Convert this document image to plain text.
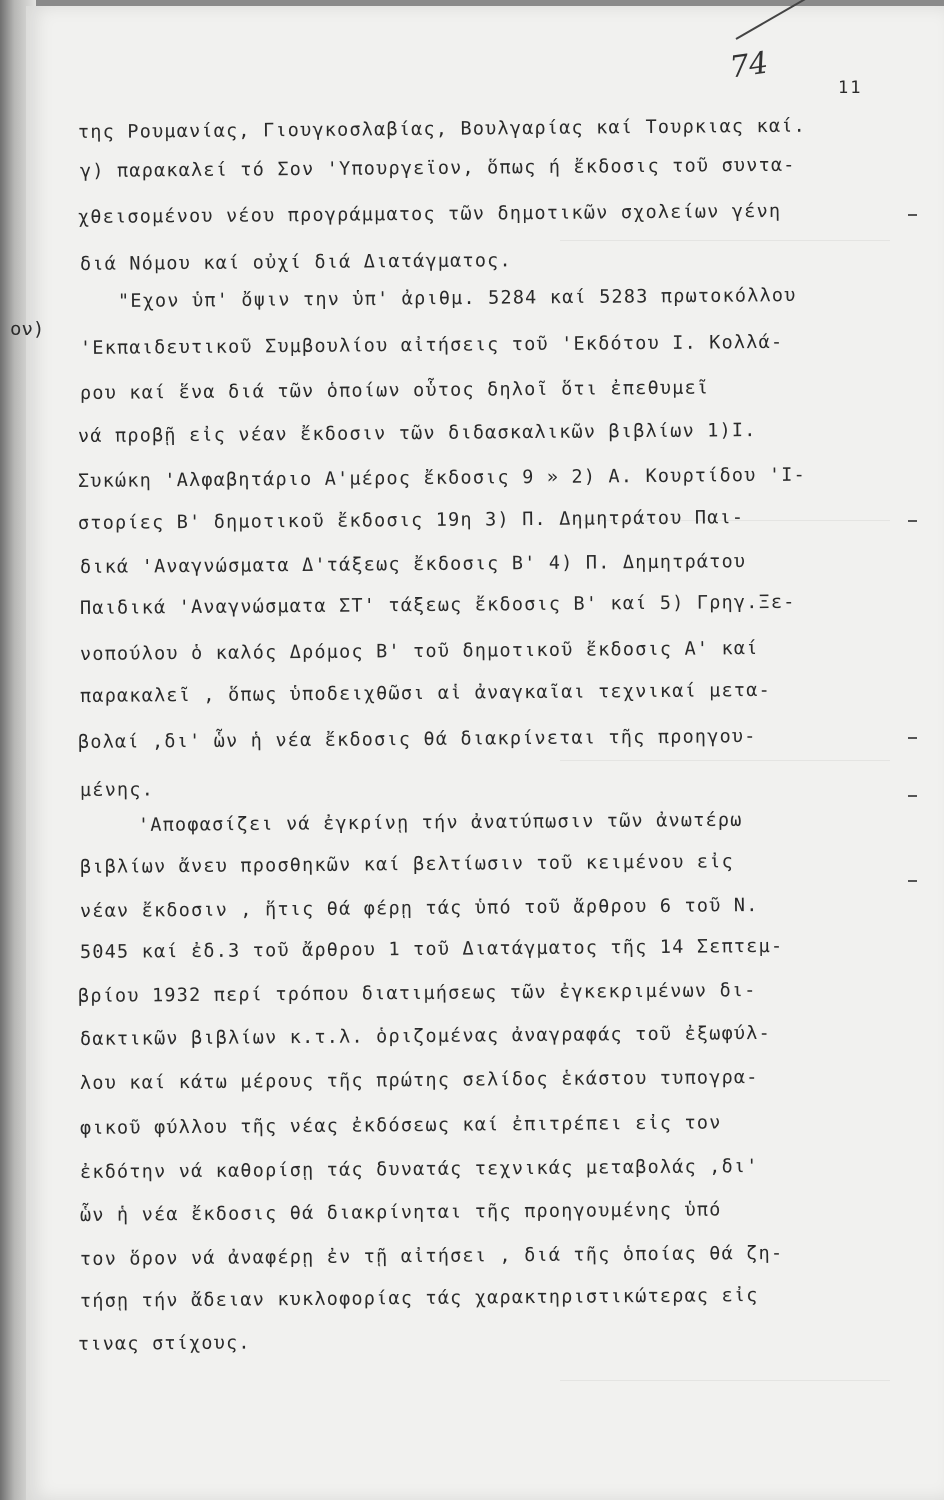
ον)
74
11
της Ρουμανίας, Γιουγκοσλαβίας, Βουλγαρίας καί Τουρκιας καί.
γ) παρακαλεί τό Σον 'Υπουργεϊον, ὅπως ή ἔκδοσις τοῦ συντα-
χθεισομένου νέου προγράμματος τῶν δημοτικῶν σχολείων γένη
διά Νόμου καί οὐχί διά Διατάγματος.
"Εχον ὑπ' ὄψιν την ὑπ' ἀριθμ. 5284 καί 5283 πρωτοκόλλου
'Εκπαιδευτικοῦ Συμβουλίου αἰτήσεις τοῦ 'Εκδότου Ι. Κολλά-
ρου καί ἕνα διά τῶν ὁποίων οὗτος δηλοῖ ὅτι ἐπεθυμεῖ
νά προβῇ εἰς νέαν ἔκδοσιν τῶν διδασκαλικῶν βιβλίων 1)Ι.
Συκώκη 'Αλφαβητάριο Α'μέρος ἔκδοσις 9 » 2) Α. Κουρτίδου 'Ι-
στορίες Β' δημοτικοῦ ἔκδοσις 19η 3) Π. Δημητράτου Παι-
δικά 'Αναγνώσματα Δ'τάξεως ἔκδοσις Β' 4) Π. Δημητράτου
Παιδικά 'Αναγνώσματα ΣΤ' τάξεως ἔκδοσις Β' καί 5) Γρηγ.Ξε-
νοπούλου ὁ καλός Δρόμος Β' τοῦ δημοτικοῦ ἔκδοσις Α' καί
παρακαλεῖ , ὅπως ὑποδειχθῶσι αἱ ἀναγκαῖαι τεχνικαί μετα-
βολαί ,δι' ὧν ἡ νέα ἔκδοσις θά διακρίνεται τῆς προηγου-
μένης.
'Αποφασίζει νά ἐγκρίνῃ τήν ἀνατύπωσιν τῶν ἀνωτέρω
βιβλίων ἄνευ προσθηκῶν καί βελτίωσιν τοῦ κειμένου εἰς
νέαν ἔκδοσιν , ἥτις θά φέρῃ τάς ὑπό τοῦ ἄρθρου 6 τοῦ Ν.
5045 καί ἐδ.3 τοῦ ἄρθρου 1 τοῦ Διατάγματος τῆς 14 Σεπτεμ-
βρίου 1932 περί τρόπου διατιμήσεως τῶν ἐγκεκριμένων δι-
δακτικῶν βιβλίων κ.τ.λ. ὁριζομένας ἀναγραφάς τοῦ ἐξωφύλ-
λου καί κάτω μέρους τῆς πρώτης σελίδος ἑκάστου τυπογρα-
φικοῦ φύλλου τῆς νέας ἐκδόσεως καί ἐπιτρέπει εἰς τον
ἐκδότην νά καθορίσῃ τάς δυνατάς τεχνικάς μεταβολάς ,δι'
ὧν ἡ νέα ἔκδοσις θά διακρίνηται τῆς προηγουμένης ὑπό
τον ὅρον νά ἀναφέρῃ ἐν τῇ αἰτήσει , διά τῆς ὁποίας θά ζη-
τήσῃ τήν ἄδειαν κυκλοφορίας τάς χαρακτηριστικώτερας εἰς
τινας στίχους.
